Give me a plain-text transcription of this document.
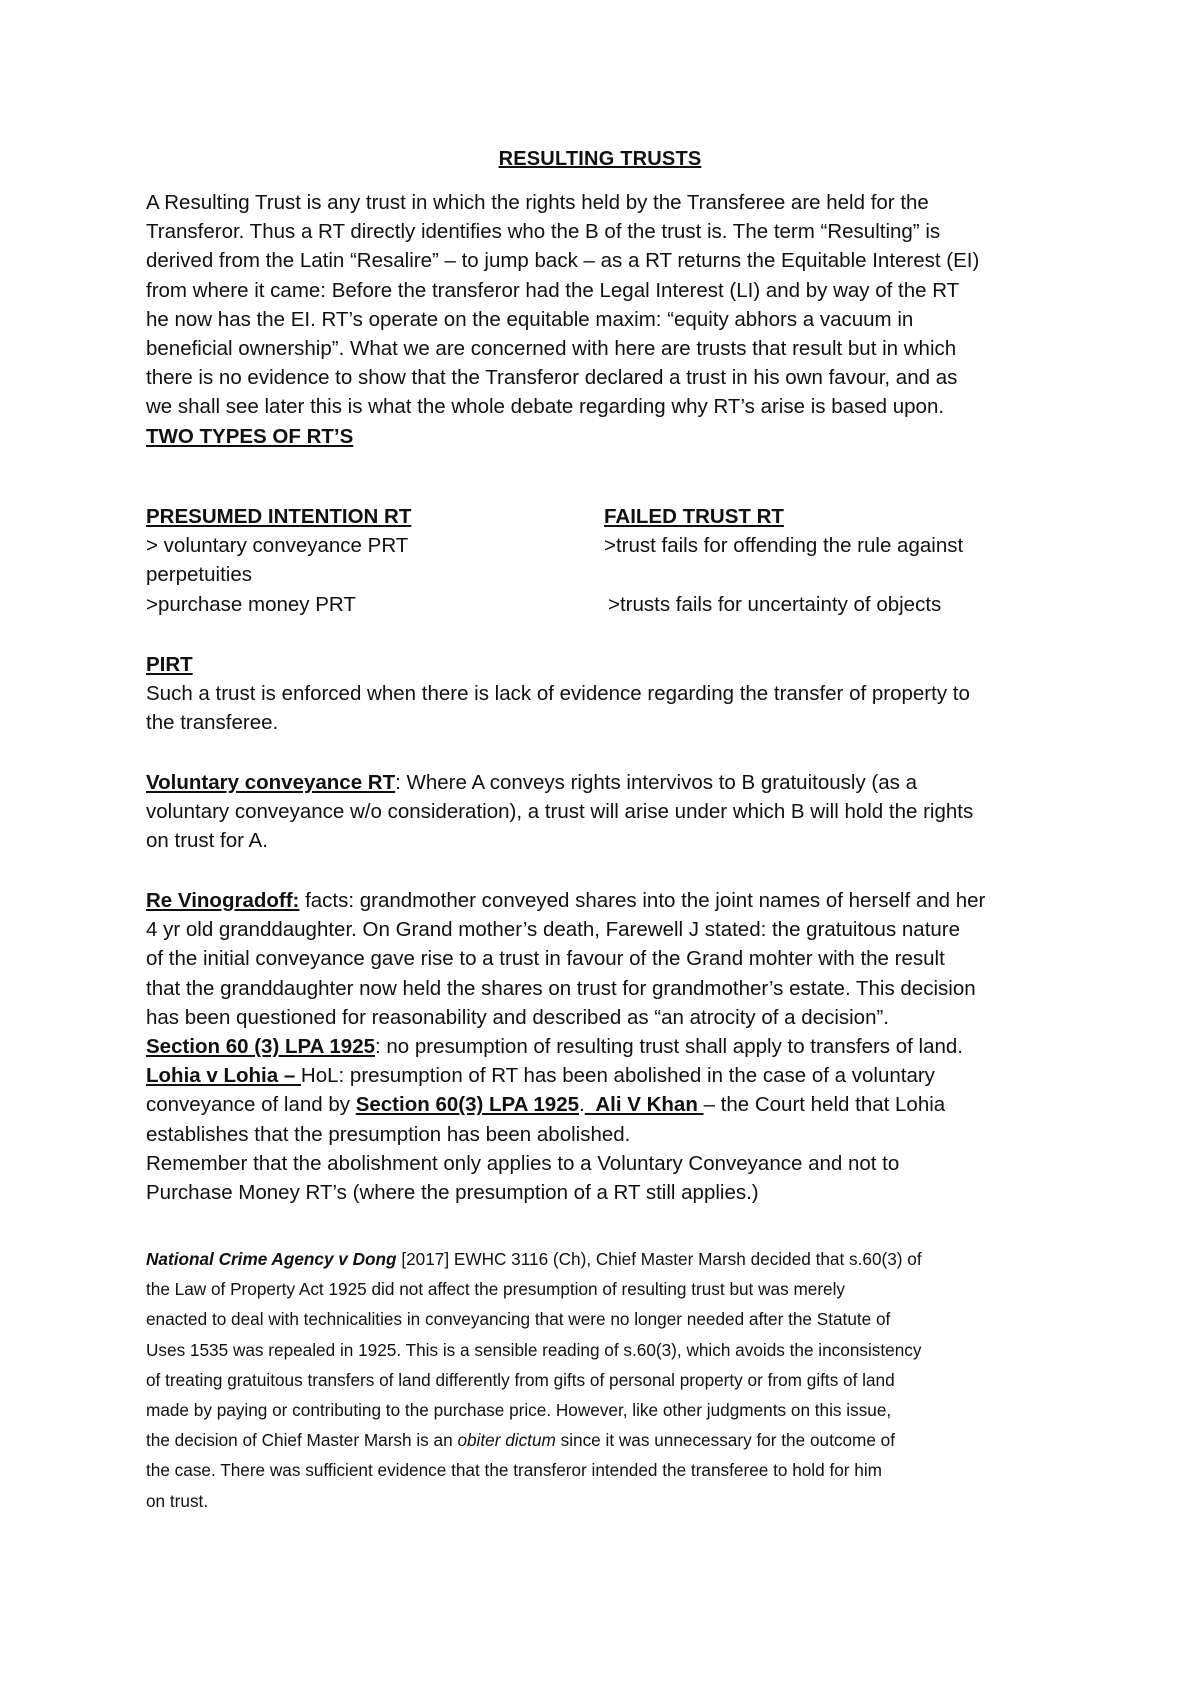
RESULTING TRUSTS
A Resulting Trust is any trust in which the rights held by the Transferee are held for the
Transferor. Thus a RT directly identifies who the B of the trust is. The term “Resulting” is
derived from the Latin “Resalire” – to jump back – as a RT returns the Equitable Interest (EI)
from where it came: Before the transferor had the Legal Interest (LI) and by way of the RT
he now has the EI. RT’s operate on the equitable maxim: “equity abhors a vacuum in
beneficial ownership”. What we are concerned with here are trusts that result but in which
there is no evidence to show that the Transferor declared a trust in his own favour, and as
we shall see later this is what the whole debate regarding why RT’s arise is based upon.
TWO TYPES OF RT’S
PRESUMED INTENTION RT	FAILED TRUST RT
> voluntary conveyance PRT	>trust fails for offending the rule against
perpetuities
>purchase money PRT	>trusts fails for uncertainty of objects
PIRT
Such a trust is enforced when there is lack of evidence regarding the transfer of property to
the transferee.
Voluntary conveyance RT: Where A conveys rights intervivos to B gratuitously (as a
voluntary conveyance w/o consideration), a trust will arise under which B will hold the rights
on trust for A.
Re Vinogradoff: facts: grandmother conveyed shares into the joint names of herself and her
4 yr old granddaughter. On Grand mother’s death, Farewell J stated: the gratuitous nature
of the initial conveyance gave rise to a trust in favour of the Grand mohter with the result
that the granddaughter now held the shares on trust for grandmother’s estate. This decision
has been questioned for reasonability and described as “an atrocity of a decision”.
Section 60 (3) LPA 1925: no presumption of resulting trust shall apply to transfers of land.
Lohia v Lohia – HoL: presumption of RT has been abolished in the case of a voluntary
conveyance of land by Section 60(3) LPA 1925.  Ali V Khan – the Court held that Lohia
establishes that the presumption has been abolished.
Remember that the abolishment only applies to a Voluntary Conveyance and not to
Purchase Money RT’s (where the presumption of a RT still applies.)
National Crime Agency v Dong [2017] EWHC 3116 (Ch), Chief Master Marsh decided that s.60(3) of
the Law of Property Act 1925 did not affect the presumption of resulting trust but was merely
enacted to deal with technicalities in conveyancing that were no longer needed after the Statute of
Uses 1535 was repealed in 1925. This is a sensible reading of s.60(3), which avoids the inconsistency
of treating gratuitous transfers of land differently from gifts of personal property or from gifts of land
made by paying or contributing to the purchase price. However, like other judgments on this issue,
the decision of Chief Master Marsh is an obiter dictum since it was unnecessary for the outcome of
the case. There was sufficient evidence that the transferor intended the transferee to hold for him
on trust.
